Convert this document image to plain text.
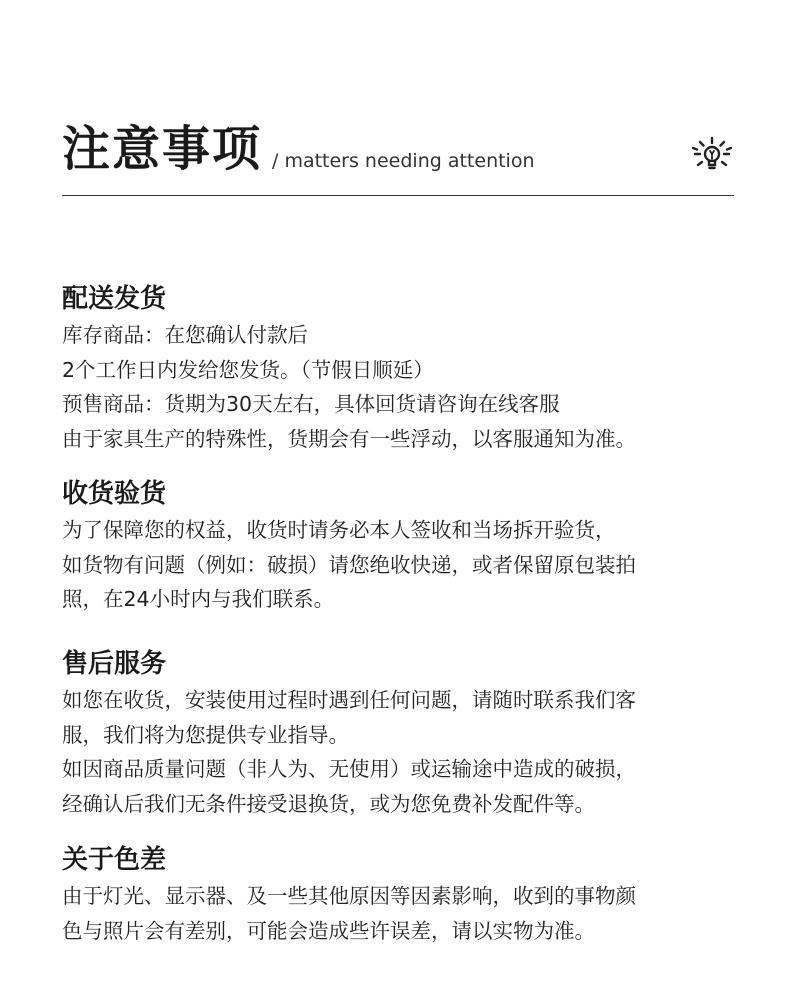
注意事项 / matters needing attention
配送发货
库存商品：在您确认付款后
2个工作日内发给您发货。（节假日顺延）
预售商品：货期为30天左右，具体回货请咨询在线客服
由于家具生产的特殊性，货期会有一些浮动，以客服通知为准。
收货验货
为了保障您的权益，收货时请务必本人签收和当场拆开验货，
如货物有问题（例如：破损）请您绝收快递，或者保留原包装拍
照，在24小时内与我们联系。
售后服务
如您在收货，安装使用过程时遇到任何问题，请随时联系我们客
服，我们将为您提供专业指导。
如因商品质量问题（非人为、无使用）或运输途中造成的破损，
经确认后我们无条件接受退换货，或为您免费补发配件等。
关于色差
由于灯光、显示器、及一些其他原因等因素影响，收到的事物颜
色与照片会有差别，可能会造成些许误差，请以实物为准。
